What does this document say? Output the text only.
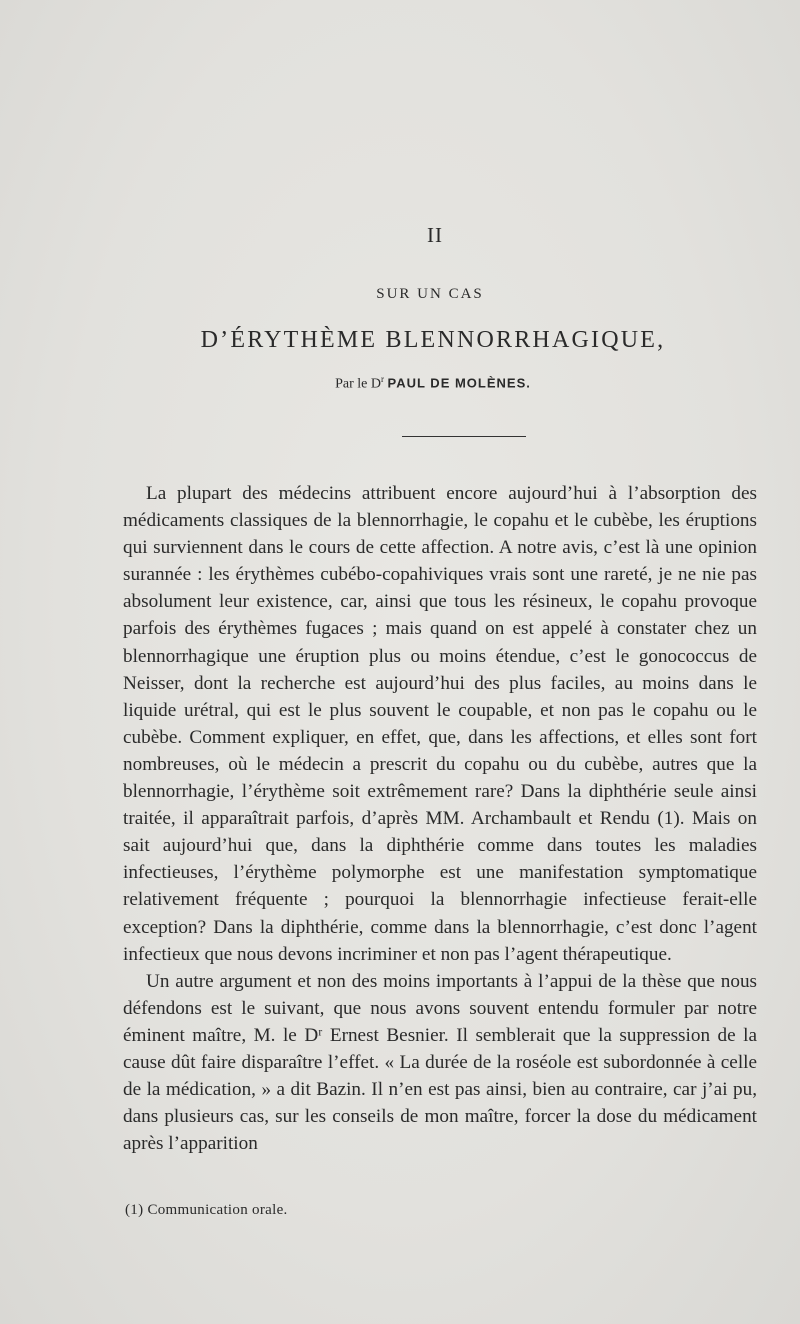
II
SUR UN CAS
D’ÉRYTHÈME BLENNORRHAGIQUE,
Par le $D^r$ PAUL DE MOLÈNES.

La plupart des médecins attribuent encore aujourd’hui à l’absorption des médicaments classiques de la blennorrhagie, le copahu et le cubèbe, les éruptions qui surviennent dans le cours de cette affection. A notre avis, c’est là une opinion surannée : les érythèmes cubébo-copahiviques vrais sont une rareté, je ne nie pas absolument leur existence, car, ainsi que tous les résineux, le copahu provoque parfois des érythèmes fugaces ; mais quand on est appelé à constater chez un blennorrhagique une éruption plus ou moins étendue, c’est le gonococcus de Neisser, dont la recherche est aujourd’hui des plus faciles, au moins dans le liquide urétral, qui est le plus souvent le coupable, et non pas le copahu ou le cubèbe. Comment expliquer, en effet, que, dans les affections, et elles sont fort nombreuses, où le médecin a prescrit du copahu ou du cubèbe, autres que la blennorrhagie, l’érythème soit extrêmement rare? Dans la diphthérie seule ainsi traitée, il apparaîtrait parfois, d’après MM. Archambault et Rendu (1). Mais on sait aujourd’hui que, dans la diphthérie comme dans toutes les maladies infectieuses, l’érythème polymorphe est une manifestation symptomatique relativement fréquente ; pourquoi la blennorrhagie infectieuse ferait-elle exception? Dans la diphthérie, comme dans la blennorrhagie, c’est donc l’agent infectieux que nous devons incriminer et non pas l’agent thérapeutique.

Un autre argument et non des moins importants à l’appui de la thèse que nous défendons est le suivant, que nous avons souvent entendu formuler par notre éminent maître, M. le Dʳ Ernest Besnier. Il semblerait que la suppression de la cause dût faire disparaître l’effet. « La durée de la roséole est subordonnée à celle de la médication, » a dit Bazin. Il n’en est pas ainsi, bien au contraire, car j’ai pu, dans plusieurs cas, sur les conseils de mon maître, forcer la dose du médicament après l’apparition

(1) Communication orale.
